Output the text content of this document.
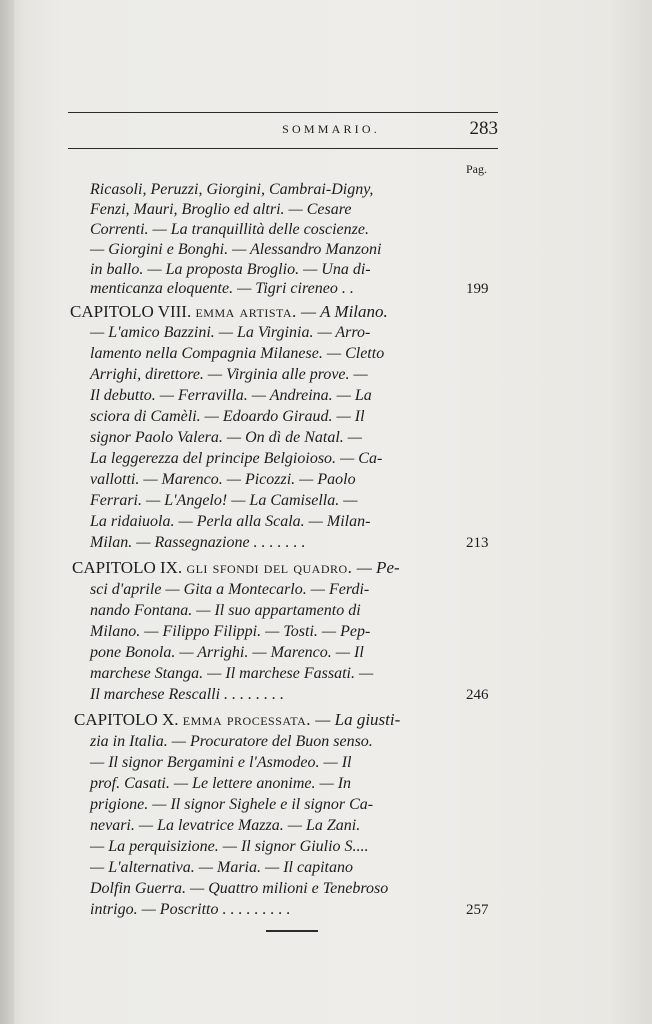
SOMMARIO.	283
Pag.
Ricasoli, Peruzzi, Giorgini, Cambrai-Digny,
Fenzi, Mauri, Broglio ed altri. — Cesare
Correnti. — La tranquillità delle coscienze.
— Giorgini e Bonghi. — Alessandro Manzoni
in ballo. — La proposta Broglio. — Una di-
menticanza eloquente. — Tigri cireneo . .	199
CAPITOLO VIII. emma artista. — A Milano.
— L'amico Bazzini. — La Virginia. — Arro-
lamento nella Compagnia Milanese. — Cletto
Arrighi, direttore. — Virginia alle prove. —
Il debutto. — Ferravilla. — Andreina. — La
sciora di Camèli. — Edoardo Giraud. — Il
signor Paolo Valera. — On dì de Natal. —
La leggerezza del principe Belgioioso. — Ca-
vallotti. — Marenco. — Picozzi. — Paolo
Ferrari. — L'Angelo! — La Camisella. —
La ridaiuola. — Perla alla Scala. — Milan-
Milan. — Rassegnazione . . . . . . .	213
CAPITOLO IX. gli sfondi del quadro. — Pe-
sci d'aprile — Gita a Montecarlo. — Ferdi-
nando Fontana. — Il suo appartamento di
Milano. — Filippo Filippi. — Tosti. — Pep-
pone Bonola. — Arrighi. — Marenco. — Il
marchese Stanga. — Il marchese Fassati. —
Il marchese Rescalli . . . . . . . .	246
CAPITOLO X. emma processata. — La giusti-
zia in Italia. — Procuratore del Buon senso.
— Il signor Bergamini e l'Asmodeo. — Il
prof. Casati. — Le lettere anonime. — In
prigione. — Il signor Sighele e il signor Ca-
nevari. — La levatrice Mazza. — La Zani.
— La perquisizione. — Il signor Giulio S....
— L'alternativa. — Maria. — Il capitano
Dolfin Guerra. — Quattro milioni e Tenebroso
intrigo. — Poscritto . . . . . . . . .	257
